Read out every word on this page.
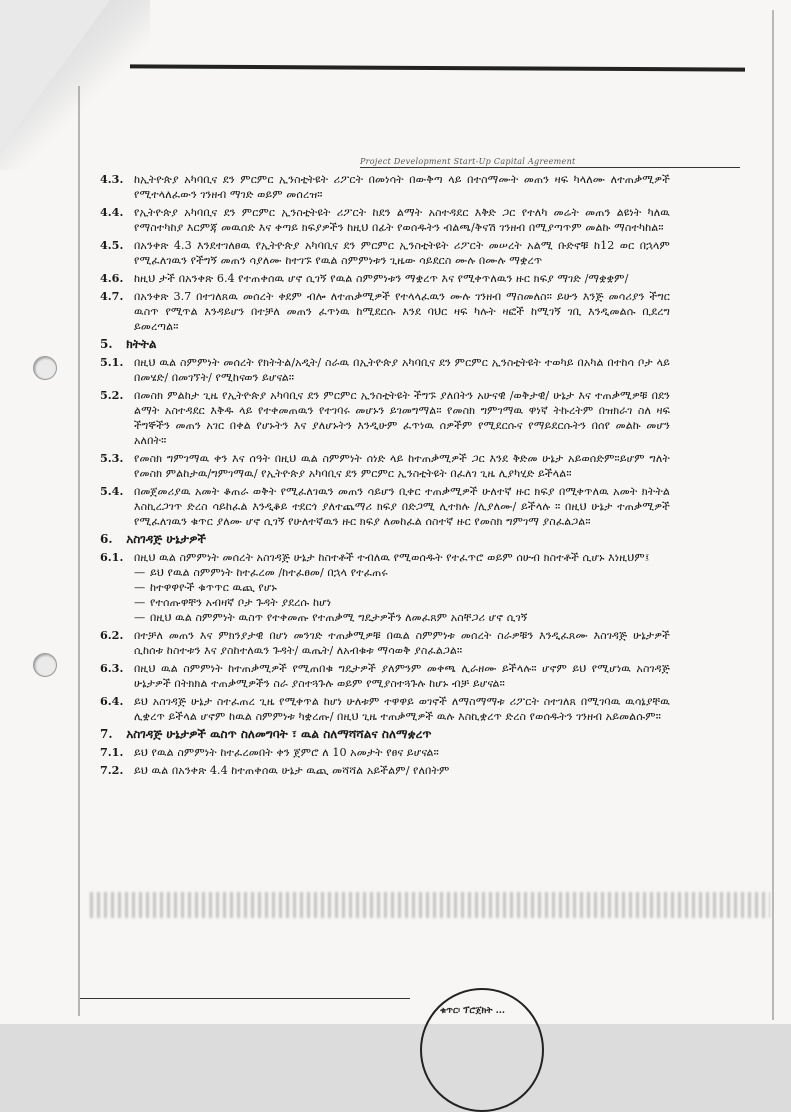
Project Development Start-Up Capital Agreement
4.3. ከኢትዮጵያ አካባቢና ደን ምርምር ኢንስቲትዩት ሪፖርት በመነሳት በውቅጣ ላይ በተስማሙት መጠን ዛፍ ካላለሙ ለተጠቃሚዎች የሚተላለፈውን ገንዘብ ማገድ ወይም መሰረዝ።

4.4. የኢትዮጵያ አካባቢና ደን ምርምር ኢንስቲትዩት ሪፖርት ከደን ልማት አስተዳደር እቅድ ጋር የተለካ መሬት መጠን ልዩነት ካለዉ የማስተካከያ እርምጃ መዉሰድ እና ቀጣይ ክፍያዎችን ከዚህ በፊት የወሰዱትን ብልጫ/ቅናሽ ገንዘብ በሚያጣጥም መልኩ ማስተካከል።

4.5. በአንቀጽ 4.3 እንደተገለፀዉ የኢትዮጵያ አካባቢና ደን ምርምር ኢንስቲትዩት ሪፖርት መሠረት አልሚ ቡድኖቹ ከ12 ወር በኋላም የሚፈለገዉን የችግኝ መጠን ሳያለሙ ከተገኙ የዉል ስምምነቱን ጊዜው ሳይደርስ ሙሉ በሙሉ ማቋረጥ

4.6. ከዚህ ታች በአንቀጽ 6.4 የተጠቀሰዉ ሆኖ ሲገኝ የዉል ስምምነቱን ማቋረጥ እና የሚቀጥለዉን ዙር ክፍያ ማገድ /ማቋቋም/

4.7. በአንቀጽ 3.7 በተገለጸዉ መሰረት ቀደም ብሎ ለተጠቃሚዎች የተላላፈዉን ሙሉ ገንዘብ ማስመለስ። ይሁን እንጅ መሳሪያን ችግር ዉስጥ የሚጥል እንዳይሆን በተቻለ መጠን ፈጥነዉ ከሚደርሱ እንደ ባህር ዛፍ ካሉት ዛፎች ከሚገኝ ገቢ እንዲመልሱ ቢደረግ ይመረጣል።

5. ክትትል
5.1. በዚህ ዉል ስምምነት መሰረት የክትትል/አዲት/ ስራዉ በኢትዮጵያ አካባቢና ደን ምርምር ኢንስቲትዩት ተወካይ በአካል በተከሳ ቦታ ላይ በመሄድ/ በመገኘት/ የሚከናወን ይሆናል።

5.2. በመስክ ምልከታ ጊዜ የኢትዮጵያ አካባቢና ደን ምርምር ኢንስቲትዩት ችግኙ ያለበትን አሁናዊ /ወቅታዊ/ ሁኔታ እና ተጠቃሚዎቹ በደን ልማት አስተዳደር እቅዱ ላይ የተቀመጠዉን የተገባሩ መሆኑን ይገመግማል። የመስክ ግምገማዉ ዋነኛ ትኩረትም በዝክራገ ስለ ዛፍ ችግኞችን መጠን አገር በቀል የሆኑትን እና ያለሆኑትን እንዲሁም ፈጥነዉ ሰዎችም የሚደርሱና የማይደርሱትን በሰየ መልኩ መሆን አለበት።

5.3. የመስክ ግምገማዉ ቀን እና ሰዓት በዚህ ዉል ስምምነት ሰነድ ላይ ከተጠቃሚዎች ጋር እንደ ቅድመ ሁኔታ አይወሰድም።ይሆም ግለት የመስክ ምልከታዉ/ግምገማዉ/ የኢትዮጵያ አካባቢና ደን ምርምር ኢንስቲትዩት በፈለገ ጊዜ ሊያካሂድ ይችላል።

5.4. በመጀመሪያዉ አመት ቆጠራ ወቅት የሚፈለገዉን መጠን ሳይሆን ቢቀር ተጠቃሚዎች ሁለተኛ ዙር ክፍያ በሚቀጥለዉ አመት ክትትል እስኪረጋገጥ ድረስ ሳይከፈል እንዲቆይ ተደርጎ ያለተጨማሪ ክፍያ በድጋሚ ሊተክሉ /ሊያለሙ/ ይችላሉ ። በዚህ ሁኔታ ተጠቃሚዎች የሚፈለገዉን ቁጥር ያለሙ ሆኖ ሲገኝ የሁለተኛዉን ዙር ክፍያ ለመከፈል ሰስተኛ ዙር የመስክ ግምገማ ያስፈልጋል።

6. አስገዳጅ ሁኔታዎች
6.1. በዚህ ዉል ስምምነት መሰረት አስገዳጅ ሁኔታ ከስተቶች ተብለዉ የሚወሰዱት የተፈጥሮ ወይም ሰሁብ ክስተቶች ሲሆኑ እነዚህም፤

— ይህ የዉል ስምምነት ከተፈረመ /ከተፈፀመ/ በኋላ የተፈጠሩ
— ከተዋዋዮች ቁጥጥር ዉጪ የሆኑ
— የተሰጡዋቸን አብዛኛ ቦታ ጉዳት ያደረሱ ከሆነ
— በዚህ ዉል ስምምነት ዉስጥ የተቀመጡ የተጠቃሚ ግዴታዎችን ለመፈጸም አስቸጋሪ ሆኖ ሲገኝ
6.2. በተቻለ መጠን እና ምክንያታዊ በሆነ መንገድ ተጠቃሚዎቹ በዉል ስምምነቱ መሰረት ስራዎቹን እንዲፈጸሙ እስገዳጅ ሁኔታዎች ሲከሰቱ ከስተቱን እና ያስከተለዉን ጉዳት/ ዉጤት/ ለአብቁቱ ማሳወቅ ያስፈልጋል።

6.3. በዚህ ዉል ስምምነት ከተጠቃሚዎች የሚጠበቁ ግዴታዎች ያለምንም መቀጫ ሊራዘሙ ይችላሉ። ሆኖም ይህ የሚሆነዉ አስገዳጅ ሁኔታዎች በትክክል ተጠቃሚዎችን ስራ ያስተጓጉሉ ወይም የሚያስተጓጉሉ ከሆኑ ብቻ ይሆናል።

6.4. ይህ አስገዳጅ ሁኔታ ስተፈጠረ ጊዜ የሚቀጥል ከሆነ ሁለቱም ተዋዋይ ወገኖች ለማስማማቱ ሪፖርት ስተገለጸ በሚገባዉ ዉሳኔያቸዉ ሊቋረጥ ይችላል ሆኖም ከዉል ስምምነቱ ካቋረጡ/ በዚህ ጊዜ ተጠቃሚዎች ዉሉ እስኪቋረጥ ድረስ የወሰዱትን ገንዘብ አይመልሱም።

7. አስገዳጅ ሁኔታዎች ዉስጥ ስለመግባት ፣ ዉል ስለማሻሻልና ስለማቋረጥ
7.1. ይህ የዉል ስምምነት ከተፈረመበት ቀን ጀምሮ ለ 10 አመታት የፀና ይሆናል።

7.2. ይህ ዉል በአንቀጽ 4.4 ከተጠቀሰዉ ሁኔታ ዉጪ መሻሻል አይችልም/ የለበትም

ቁጥር፡ ፕሮጀክት ...
